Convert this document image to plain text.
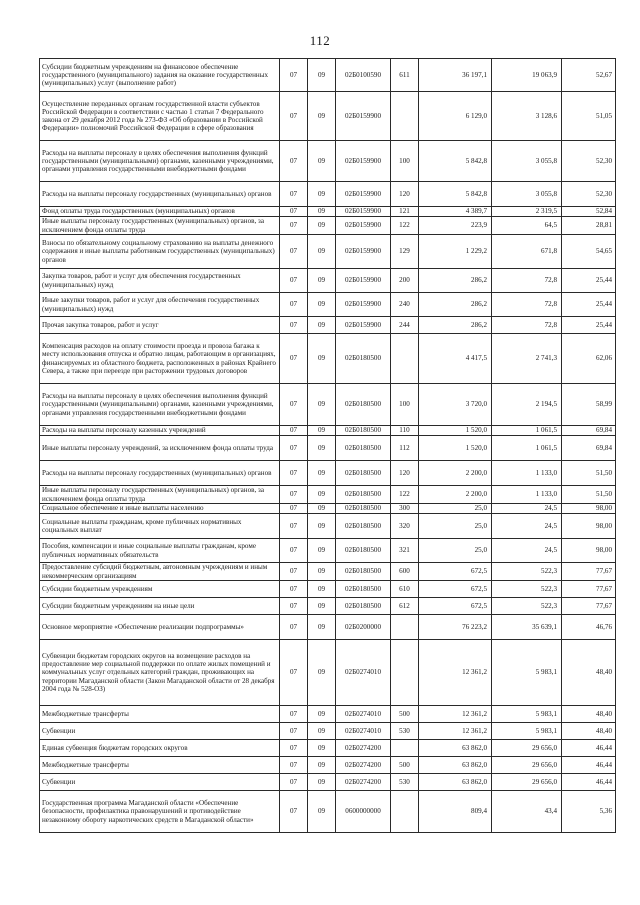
112
Субсидии бюджетным учреждениям на финансовое обеспечение государственного (муниципального) задания на оказание государственных (муниципальных) услуг (выполнение работ)	07	09	02Б0100590	611	36 197,1	19 063,9	52,67
Осуществление переданных органам государственной власти субъектов Российской Федерации в соответствии с частью 1 статьи 7 Федерального закона от 29 декабря 2012 года № 273-ФЗ «Об образовании в Российской Федерации» полномочий Российской Федерации в сфере образования	07	09	02Б0159900		6 129,0	3 128,6	51,05
Расходы на выплаты персоналу в целях обеспечения выполнения функций государственными (муниципальными) органами, казенными учреждениями, органами управления государственными внебюджетными фондами	07	09	02Б0159900	100	5 842,8	3 055,8	52,30
Расходы на выплаты персоналу государственных (муниципальных) органов	07	09	02Б0159900	120	5 842,8	3 055,8	52,30
Фонд оплаты труда государственных (муниципальных) органов	07	09	02Б0159900	121	4 389,7	2 319,5	52,84
Иные выплаты персоналу государственных (муниципальных) органов, за исключением фонда оплаты труда	07	09	02Б0159900	122	223,9	64,5	28,81
Взносы по обязательному социальному страхованию на выплаты денежного содержания и иные выплаты работникам государственных (муниципальных) органов	07	09	02Б0159900	129	1 229,2	671,8	54,65
Закупка товаров, работ и услуг для обеспечения государственных (муниципальных) нужд	07	09	02Б0159900	200	286,2	72,8	25,44
Иные закупки товаров, работ и услуг для обеспечения государственных (муниципальных) нужд	07	09	02Б0159900	240	286,2	72,8	25,44
Прочая закупка товаров, работ и услуг	07	09	02Б0159900	244	286,2	72,8	25,44
Компенсация расходов на оплату стоимости проезда и провоза багажа к месту использования отпуска и обратно лицам, работающим в организациях, финансируемых из областного бюджета, расположенных в районах Крайнего Севера, а также при переезде при расторжении трудовых договоров	07	09	02Б0180500		4 417,5	2 741,3	62,06
Расходы на выплаты персоналу в целях обеспечения выполнения функций государственными (муниципальными) органами, казенными учреждениями, органами управления государственными внебюджетными фондами	07	09	02Б0180500	100	3 720,0	2 194,5	58,99
Расходы на выплаты персоналу казенных учреждений	07	09	02Б0180500	110	1 520,0	1 061,5	69,84
Иные выплаты персоналу учреждений, за исключением фонда оплаты труда	07	09	02Б0180500	112	1 520,0	1 061,5	69,84
Расходы на выплаты персоналу государственных (муниципальных) органов	07	09	02Б0180500	120	2 200,0	1 133,0	51,50
Иные выплаты персоналу государственных (муниципальных) органов, за исключением фонда оплаты труда	07	09	02Б0180500	122	2 200,0	1 133,0	51,50
Социальное обеспечение и иные выплаты населению	07	09	02Б0180500	300	25,0	24,5	98,00
Социальные выплаты гражданам, кроме публичных нормативных социальных выплат	07	09	02Б0180500	320	25,0	24,5	98,00
Пособия, компенсации и иные социальные выплаты гражданам, кроме публичных нормативных обязательств	07	09	02Б0180500	321	25,0	24,5	98,00
Предоставление субсидий бюджетным, автономным учреждениям и иным некоммерческим организациям	07	09	02Б0180500	600	672,5	522,3	77,67
Субсидии бюджетным учреждениям	07	09	02Б0180500	610	672,5	522,3	77,67
Субсидии бюджетным учреждениям на иные цели	07	09	02Б0180500	612	672,5	522,3	77,67
Основное мероприятие «Обеспечение реализации подпрограммы»	07	09	02Б0200000		76 223,2	35 639,1	46,76
Субвенции бюджетам городских округов на возмещение расходов на предоставление мер социальной поддержки по оплате жилых помещений и коммунальных услуг отдельных категорий граждан, проживающих на территории Магаданской области (Закон Магаданской области от 28 декабря 2004 года № 528-ОЗ)	07	09	02Б0274010		12 361,2	5 983,1	48,40
Межбюджетные трансферты	07	09	02Б0274010	500	12 361,2	5 983,1	48,40
Субвенции	07	09	02Б0274010	530	12 361,2	5 983,1	48,40
Единая субвенция бюджетам городских округов	07	09	02Б0274200		63 862,0	29 656,0	46,44
Межбюджетные трансферты	07	09	02Б0274200	500	63 862,0	29 656,0	46,44
Субвенции	07	09	02Б0274200	530	63 862,0	29 656,0	46,44
Государственная программа Магаданской области «Обеспечение безопасности, профилактика правонарушений и противодействие незаконному обороту наркотических средств в Магаданской области»	07	09	0600000000		809,4	43,4	5,36
